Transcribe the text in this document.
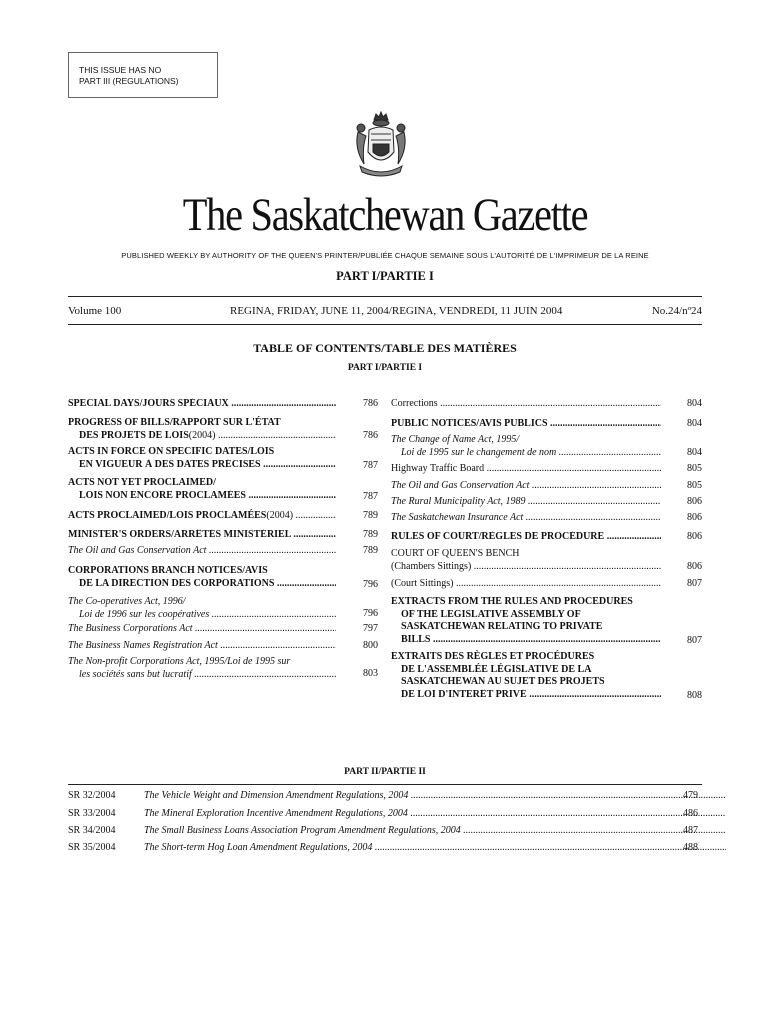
THIS ISSUE HAS NO
PART III (REGULATIONS)
The Saskatchewan Gazette
PUBLISHED WEEKLY BY AUTHORITY OF THE QUEEN'S PRINTER/PUBLIÉE CHAQUE SEMAINE SOUS L'AUTORITÉ DE L'IMPRIMEUR DE LA REINE
PART I/PARTIE I
Volume 100	REGINA, FRIDAY, JUNE 11, 2004/REGINA, VENDREDI, 11 JUIN 2004	No.24/nº24
TABLE OF CONTENTS/TABLE DES MATIÈRES
PART I/PARTIE I
SPECIAL DAYS/JOURS SPÉCIAUX .....	786
PROGRESS OF BILLS/RAPPORT SUR L'ÉTAT
DES PROJETS DE LOIS (2004) .....	786
ACTS IN FORCE ON SPECIFIC DATES/LOIS
EN VIGUEUR À DES DATES PRÉCISES .....	787
ACTS NOT YET PROCLAIMED/
LOIS NON ENCORE PROCLAMÉES .....	787
ACTS PROCLAIMED/LOIS PROCLAMÉES (2004) .....	789
MINISTER'S ORDERS/ARRÊTÉS MINISTÉRIEL .....	789
The Oil and Gas Conservation Act .....	789
CORPORATIONS BRANCH NOTICES/AVIS
DE LA DIRECTION DES CORPORATIONS .....	796
The Co-operatives Act, 1996/
Loi de 1996 sur les coopératives .....	796
The Business Corporations Act .....	797
The Business Names Registration Act .....	800
The Non-profit Corporations Act, 1995/Loi de 1995 sur
les sociétés sans but lucratif .....	803
Corrections .....	804
PUBLIC NOTICES/AVIS PUBLICS .....	804
The Change of Name Act, 1995/
Loi de 1995 sur le changement de nom .....	804
Highway Traffic Board .....	805
The Oil and Gas Conservation Act .....	805
The Rural Municipality Act, 1989 .....	806
The Saskatchewan Insurance Act .....	806
RULES OF COURT/RÈGLES DE PROCÉDURE .....	806
COURT OF QUEEN'S BENCH
(Chambers Sittings) .....	806
(Court Sittings) .....	807
EXTRACTS FROM THE RULES AND PROCEDURES
OF THE LEGISLATIVE ASSEMBLY OF
SASKATCHEWAN RELATING TO PRIVATE
BILLS .....	807
EXTRAITS DES RÈGLES ET PROCÉDURES
DE L'ASSEMBLÉE LÉGISLATIVE DE LA
SASKATCHEWAN AU SUJET DES PROJETS
DE LOI D'INTERÊT PRIVÉ .....	808
PART II/PARTIE II
SR 32/2004	The Vehicle Weight and Dimension Amendment Regulations, 2004 .....	479
SR 33/2004	The Mineral Exploration Incentive Amendment Regulations, 2004 .....	486
SR 34/2004	The Small Business Loans Association Program Amendment Regulations, 2004 .....	487
SR 35/2004	The Short-term Hog Loan Amendment Regulations, 2004 .....	488
